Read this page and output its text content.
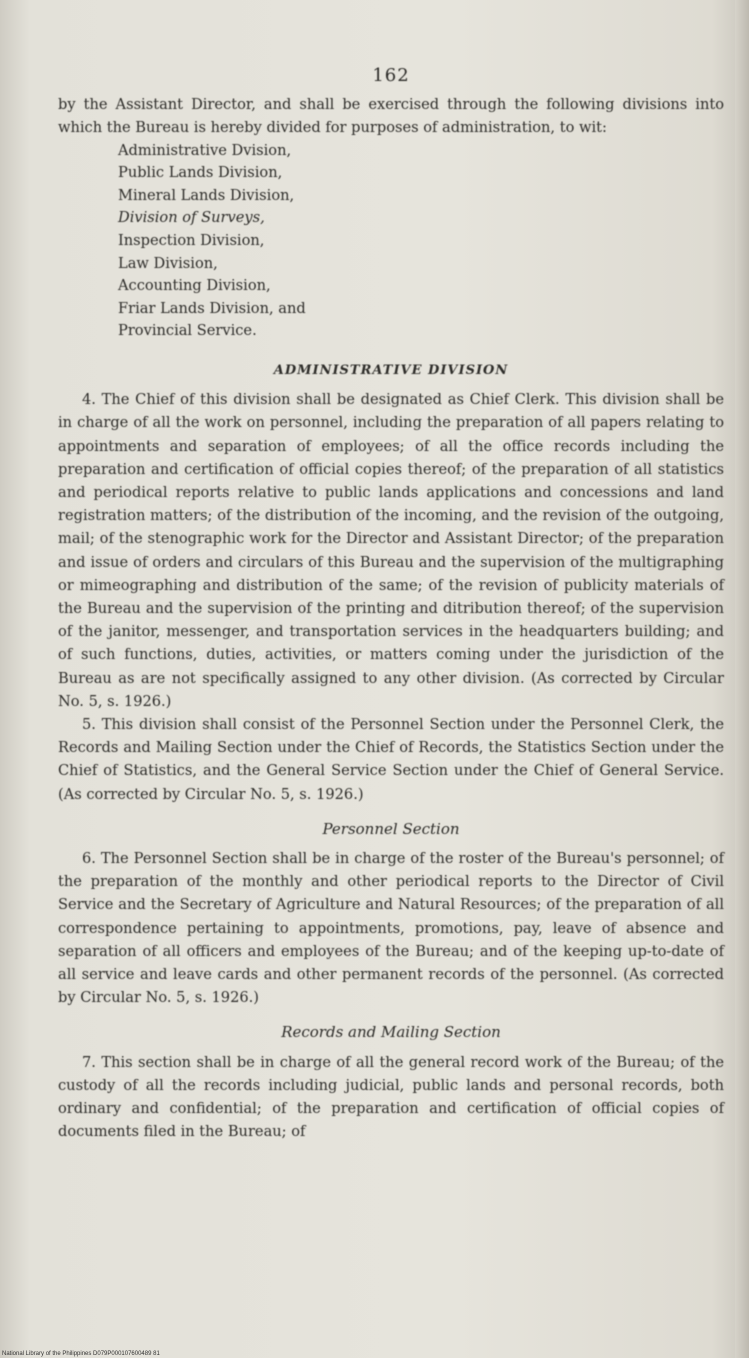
162

by the Assistant Director, and shall be exercised through the following divisions into which the Bureau is hereby divided for purposes of administration, to wit:

Administrative Dvision,
Public Lands Division,
Mineral Lands Division,
Division of Surveys,
Inspection Division,
Law Division,
Accounting Division,
Friar Lands Division, and
Provincial Service.
ADMINISTRATIVE DIVISION

4. The Chief of this division shall be designated as Chief Clerk. This division shall be in charge of all the work on personnel, including the preparation of all papers relating to appointments and separation of employees; of all the office records including the preparation and certification of official copies thereof; of the preparation of all statistics and periodical reports relative to public lands applications and concessions and land registration matters; of the distribution of the incoming, and the revision of the outgoing, mail; of the stenographic work for the Director and Assistant Director; of the preparation and issue of orders and circulars of this Bureau and the supervision of the multigraphing or mimeographing and distribution of the same; of the revision of publicity materials of the Bureau and the supervision of the printing and ditribution thereof; of the supervision of the janitor, messenger, and transportation services in the headquarters building; and of such functions, duties, activities, or matters coming under the jurisdiction of the Bureau as are not specifically assigned to any other division. (As corrected by Circular No. 5, s. 1926.)

5. This division shall consist of the Personnel Section under the Personnel Clerk, the Records and Mailing Section under the Chief of Records, the Statistics Section under the Chief of Statistics, and the General Service Section under the Chief of General Service. (As corrected by Circular No. 5, s. 1926.)

Personnel Section

6. The Personnel Section shall be in charge of the roster of the Bureau's personnel; of the preparation of the monthly and other periodical reports to the Director of Civil Service and the Secretary of Agriculture and Natural Resources; of the preparation of all correspondence pertaining to appointments, promotions, pay, leave of absence and separation of all officers and employees of the Bureau; and of the keeping up-to-date of all service and leave cards and other permanent records of the personnel. (As corrected by Circular No. 5, s. 1926.)

Records and Mailing Section

7. This section shall be in charge of all the general record work of the Bureau; of the custody of all the records including judicial, public lands and personal records, both ordinary and confidential; of the preparation and certification of official copies of documents filed in the Bureau; of

National Library of the Philippines D079P000107600489 81
